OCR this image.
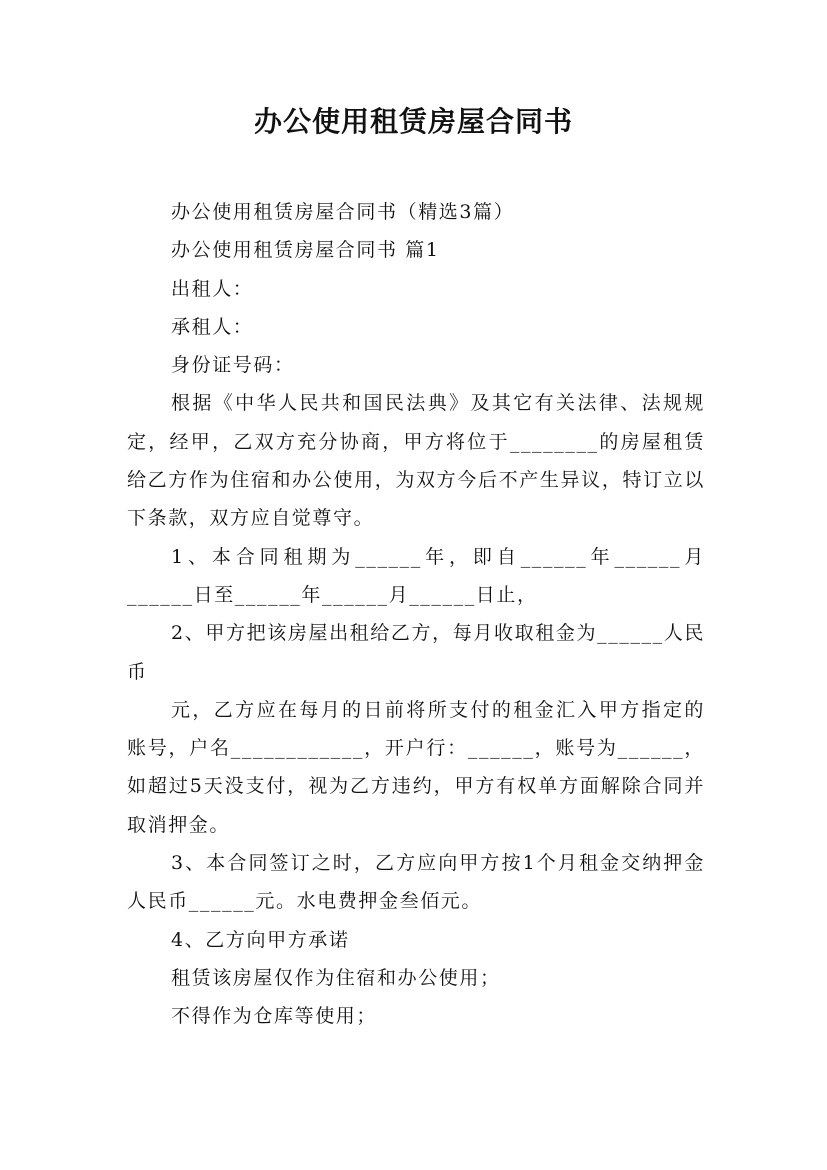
办公使用租赁房屋合同书

办公使用租赁房屋合同书（精选3篇）

办公使用租赁房屋合同书 篇1

出租人：

承租人：

身份证号码：

根据《中华人民共和国民法典》及其它有关法律、法规规定，经甲，乙双方充分协商，甲方将位于________的房屋租赁给乙方作为住宿和办公使用，为双方今后不产生异议，特订立以下条款，双方应自觉尊守。

1、本合同租期为______年，即自______年______月______日至______年______月______日止，

2、甲方把该房屋出租给乙方，每月收取租金为______人民币

元，乙方应在每月的日前将所支付的租金汇入甲方指定的账号，户名____________，开户行：______，账号为______，如超过5天没支付，视为乙方违约，甲方有权单方面解除合同并取消押金。

3、本合同签订之时，乙方应向甲方按1个月租金交纳押金人民币______元。水电费押金叁佰元。

4、乙方向甲方承诺

租赁该房屋仅作为住宿和办公使用；

不得作为仓库等使用；
